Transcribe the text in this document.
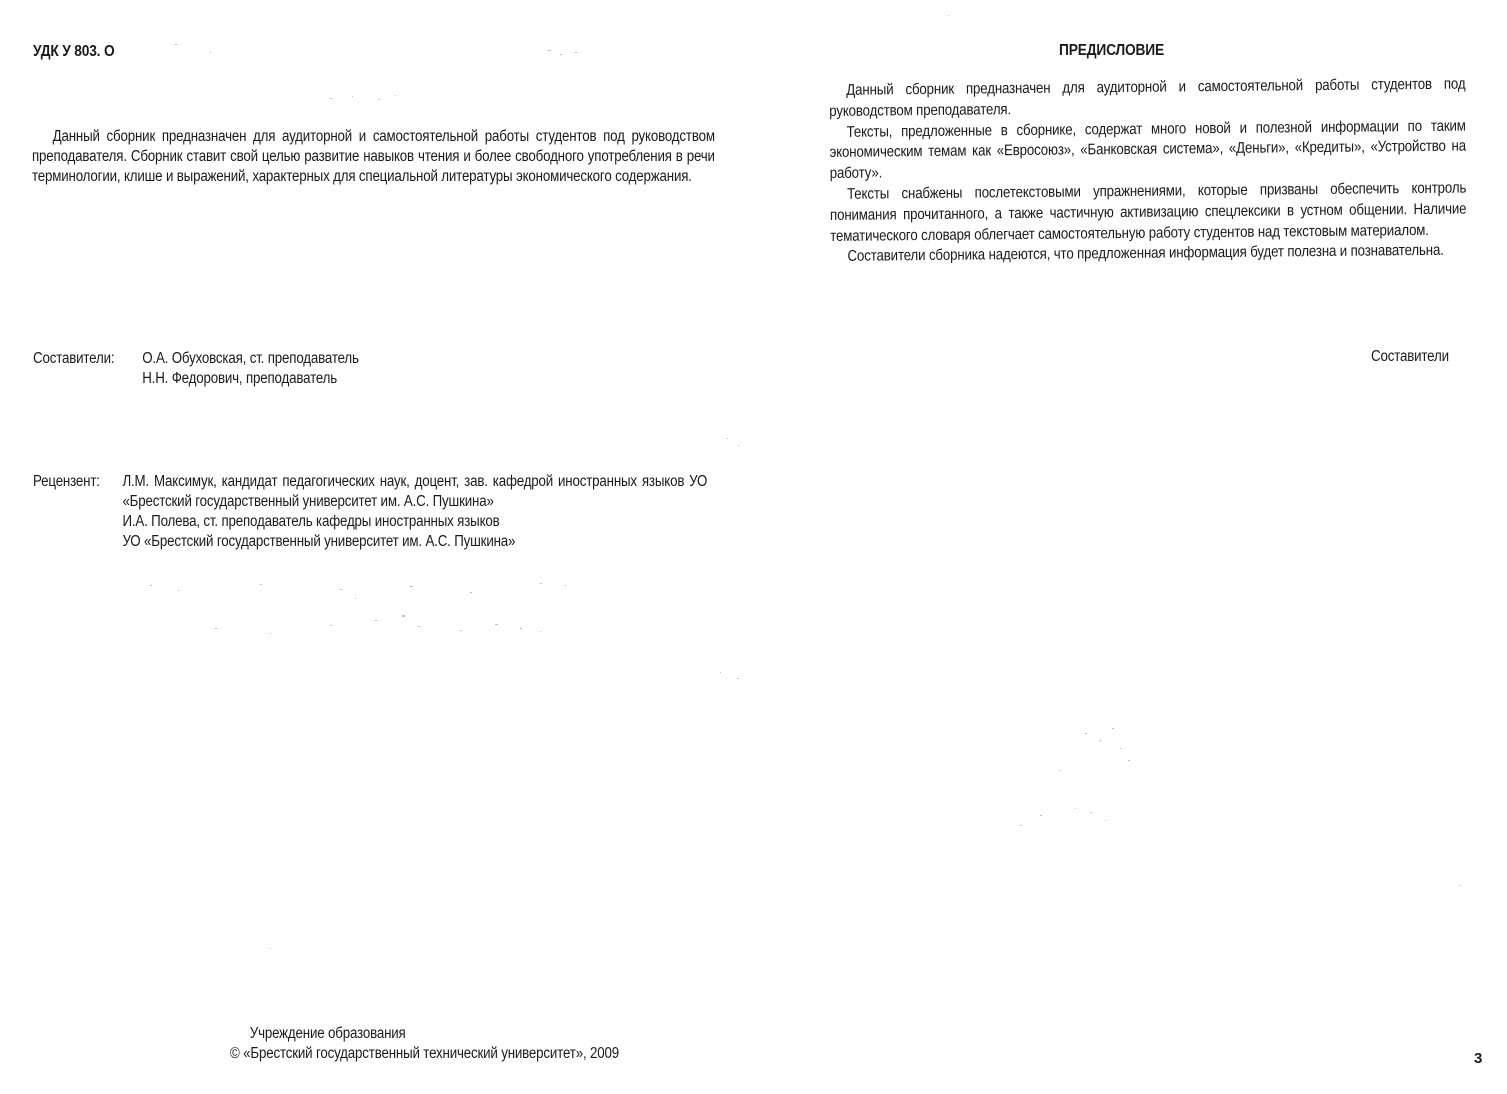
УДК У 803. О
Данный сборник предназначен для аудиторной и самостоятельной работы студентов под руководством преподавателя. Сборник ставит свой целью развитие навыков чтения и более свободного употребления в речи терминологии, клише и выражений, характерных для специальной литературы экономического содержания.
Составители:	О.А. Обуховская, ст. преподаватель
Н.Н. Федорович, преподаватель
Рецензент:	Л.М. Максимук, кандидат педагогических наук, доцент, зав. кафедрой иностранных языков УО «Брестский государственный университет им. А.С. Пушкина»
И.А. Полева, ст. преподаватель кафедры иностранных языков
УО «Брестский государственный университет им. А.С. Пушкина»
Учреждение образования
© «Брестский государственный технический университет», 2009
ПРЕДИСЛОВИЕ

Данный сборник предназначен для аудиторной и самостоятельной работы студентов под руководством преподавателя.

Тексты, предложенные в сборнике, содержат много новой и полезной информации по таким экономическим темам как «Евросоюз», «Банковская система», «Деньги», «Кредиты», «Устройство на работу».

Тексты снабжены послетекстовыми упражнениями, которые призваны обеспечить контроль понимания прочитанного, а также частичную активизацию спецлексики в устном общении. Наличие тематического словаря облегчает самостоятельную работу студентов над текстовым материалом.

Составители сборника надеются, что предложенная информация будет полезна и познавательна.

Составители
3
